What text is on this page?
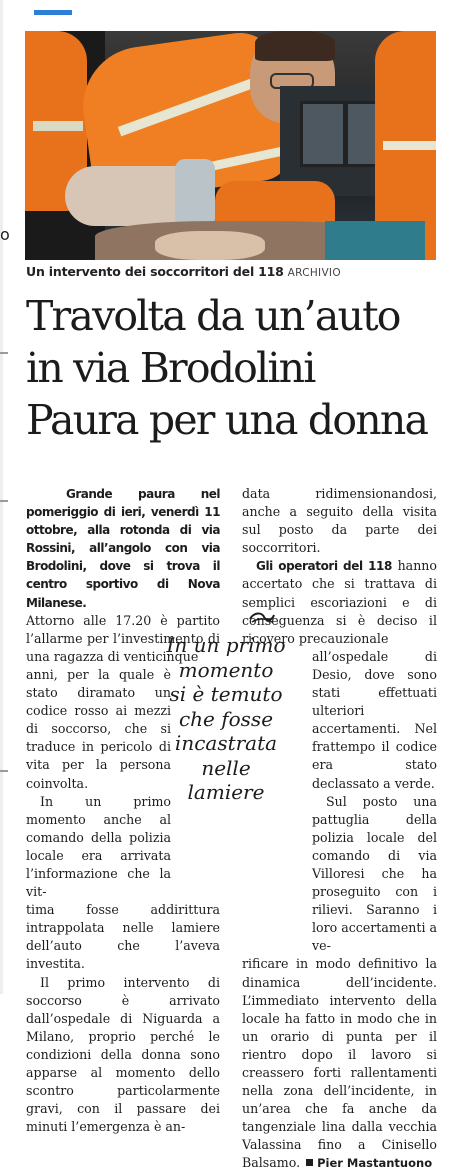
o
Un intervento dei soccorritori del 118 ARCHIVIO
Travolta da un’auto
in via Brodolini
Paura per una donna

Grande paura nel pomeriggio di ieri, venerdì 11 ottobre, alla rotonda di via Rossini, all’angolo con via Brodolini, dove si trova il centro sportivo di Nova Milanese.

Attorno alle 17.20 è partito l’allarme per l’investimento di una ragazza di venticinque

anni, per la quale è stato diramato un codice rosso ai mezzi di soccorso, che si traduce in pericolo di vita per la persona coinvolta.

In un primo momento anche al comando della polizia locale era arrivata l’informazione che la vit-

tima fosse addirittura intrappolata nelle lamiere dell’auto che l’aveva investita.

Il primo intervento di soccorso è arrivato dall’ospedale di Niguarda a Milano, proprio perché le condizioni della donna sono apparse al momento dello scontro particolarmente gravi, con il passare dei minuti l’emergenza è an-

data ridimensionandosi, anche a seguito della visita sul posto da parte dei soccorritori.

Gli operatori del 118 hanno accertato che si trattava di semplici escoriazioni e di conseguenza si è deciso il ricovero precauzionale

all’ospedale di Desio, dove sono stati effettuati ulteriori accertamenti. Nel frattempo il codice era stato declassato a verde.

Sul posto una pattuglia della polizia locale del comando di via Villoresi che ha proseguito con i rilievi. Saranno i loro accertamenti a ve-

rificare in modo definitivo la dinamica dell’incidente. L’immediato intervento della locale ha fatto in modo che in un orario di punta per il rientro dopo il lavoro si creassero forti rallentamenti nella zona dell’incidente, in un’area che fa anche da tangenziale lina dalla vecchia Valassina fino a Cinisello Balsamo. Pier Mastantuono

In un primo
momento
si è temuto
che fosse
incastrata
nelle lamiere
